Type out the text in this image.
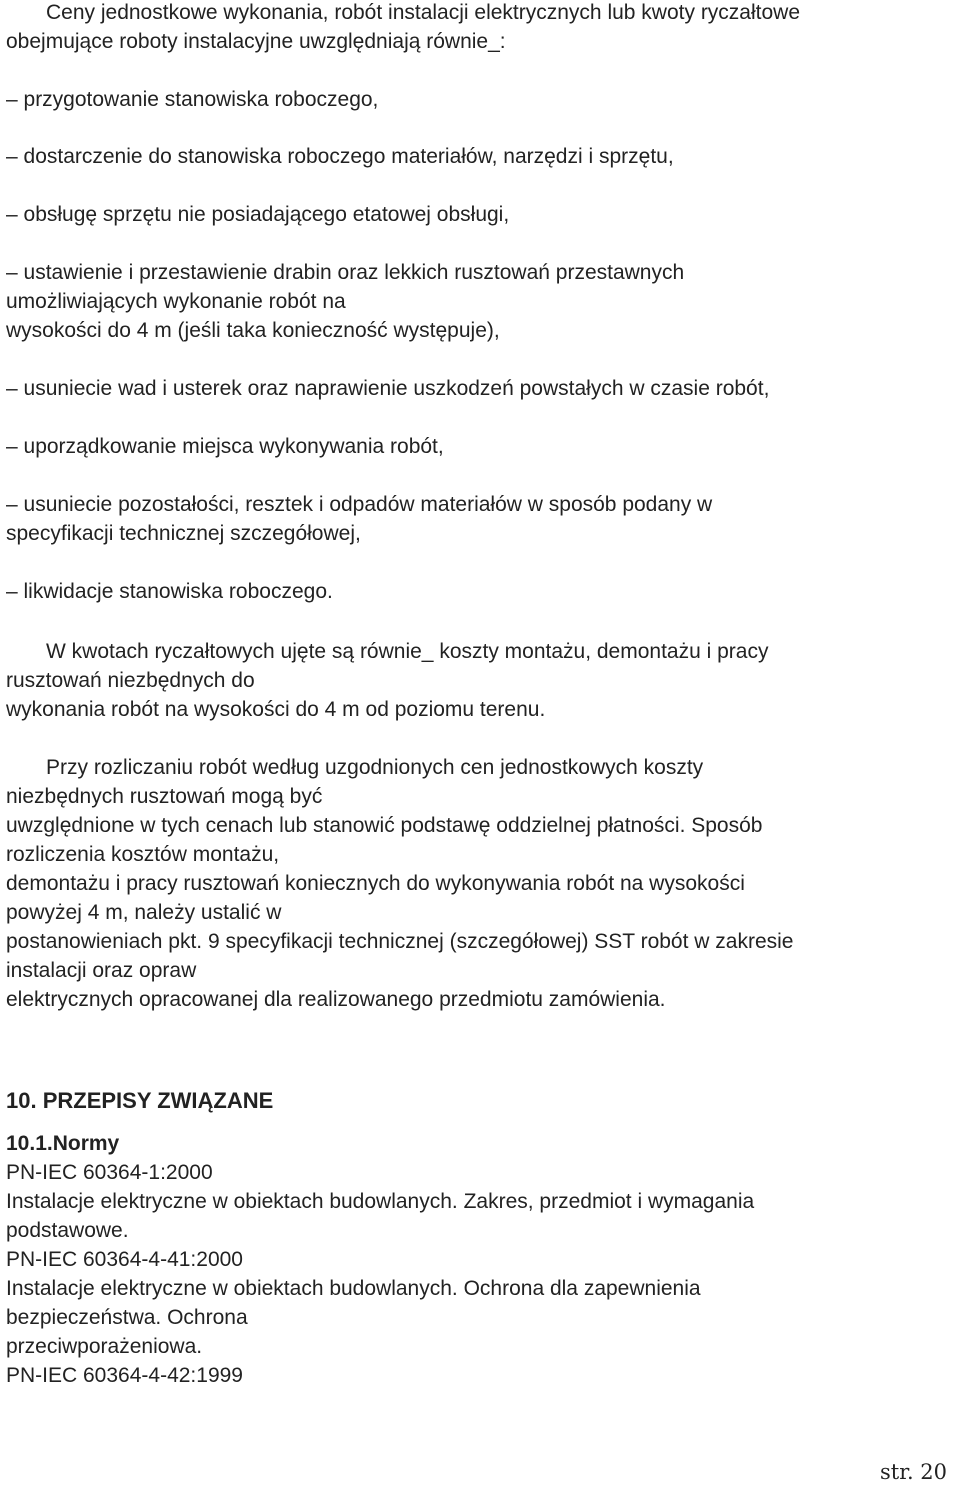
Ceny jednostkowe wykonania, robót instalacji elektrycznych lub kwoty ryczałtowe

obejmujące roboty instalacyjne uwzględniają równie_:

– przygotowanie stanowiska roboczego,

– dostarczenie do stanowiska roboczego materiałów, narzędzi i sprzętu,

– obsługę sprzętu nie posiadającego etatowej obsługi,

– ustawienie i przestawienie drabin oraz lekkich rusztowań przestawnych

umożliwiających wykonanie robót na

wysokości do 4 m (jeśli taka konieczność występuje),

– usuniecie wad i usterek oraz naprawienie uszkodzeń powstałych w czasie robót,

– uporządkowanie miejsca wykonywania robót,

– usuniecie pozostałości, resztek i odpadów materiałów w sposób podany w

specyfikacji technicznej szczegółowej,

– likwidacje stanowiska roboczego.

W kwotach ryczałtowych ujęte są równie_ koszty montażu, demontażu i pracy

rusztowań niezbędnych do

wykonania robót na wysokości do 4 m od poziomu terenu.

Przy rozliczaniu robót według uzgodnionych cen jednostkowych koszty

niezbędnych rusztowań mogą być

uwzględnione w tych cenach lub stanowić podstawę oddzielnej płatności. Sposób

rozliczenia kosztów montażu,

demontażu i pracy rusztowań koniecznych do wykonywania robót na wysokości

powyżej 4 m, należy ustalić w

postanowieniach pkt. 9 specyfikacji technicznej (szczegółowej) SST robót w zakresie

instalacji oraz opraw

elektrycznych opracowanej dla realizowanego przedmiotu zamówienia.

10. PRZEPISY ZWIĄZANE

10.1.Normy

PN-IEC 60364-1:2000

Instalacje elektryczne w obiektach budowlanych. Zakres, przedmiot i wymagania

podstawowe.

PN-IEC 60364-4-41:2000

Instalacje elektryczne w obiektach budowlanych. Ochrona dla zapewnienia

bezpieczeństwa. Ochrona

przeciwporażeniowa.

PN-IEC 60364-4-42:1999

str. 20
